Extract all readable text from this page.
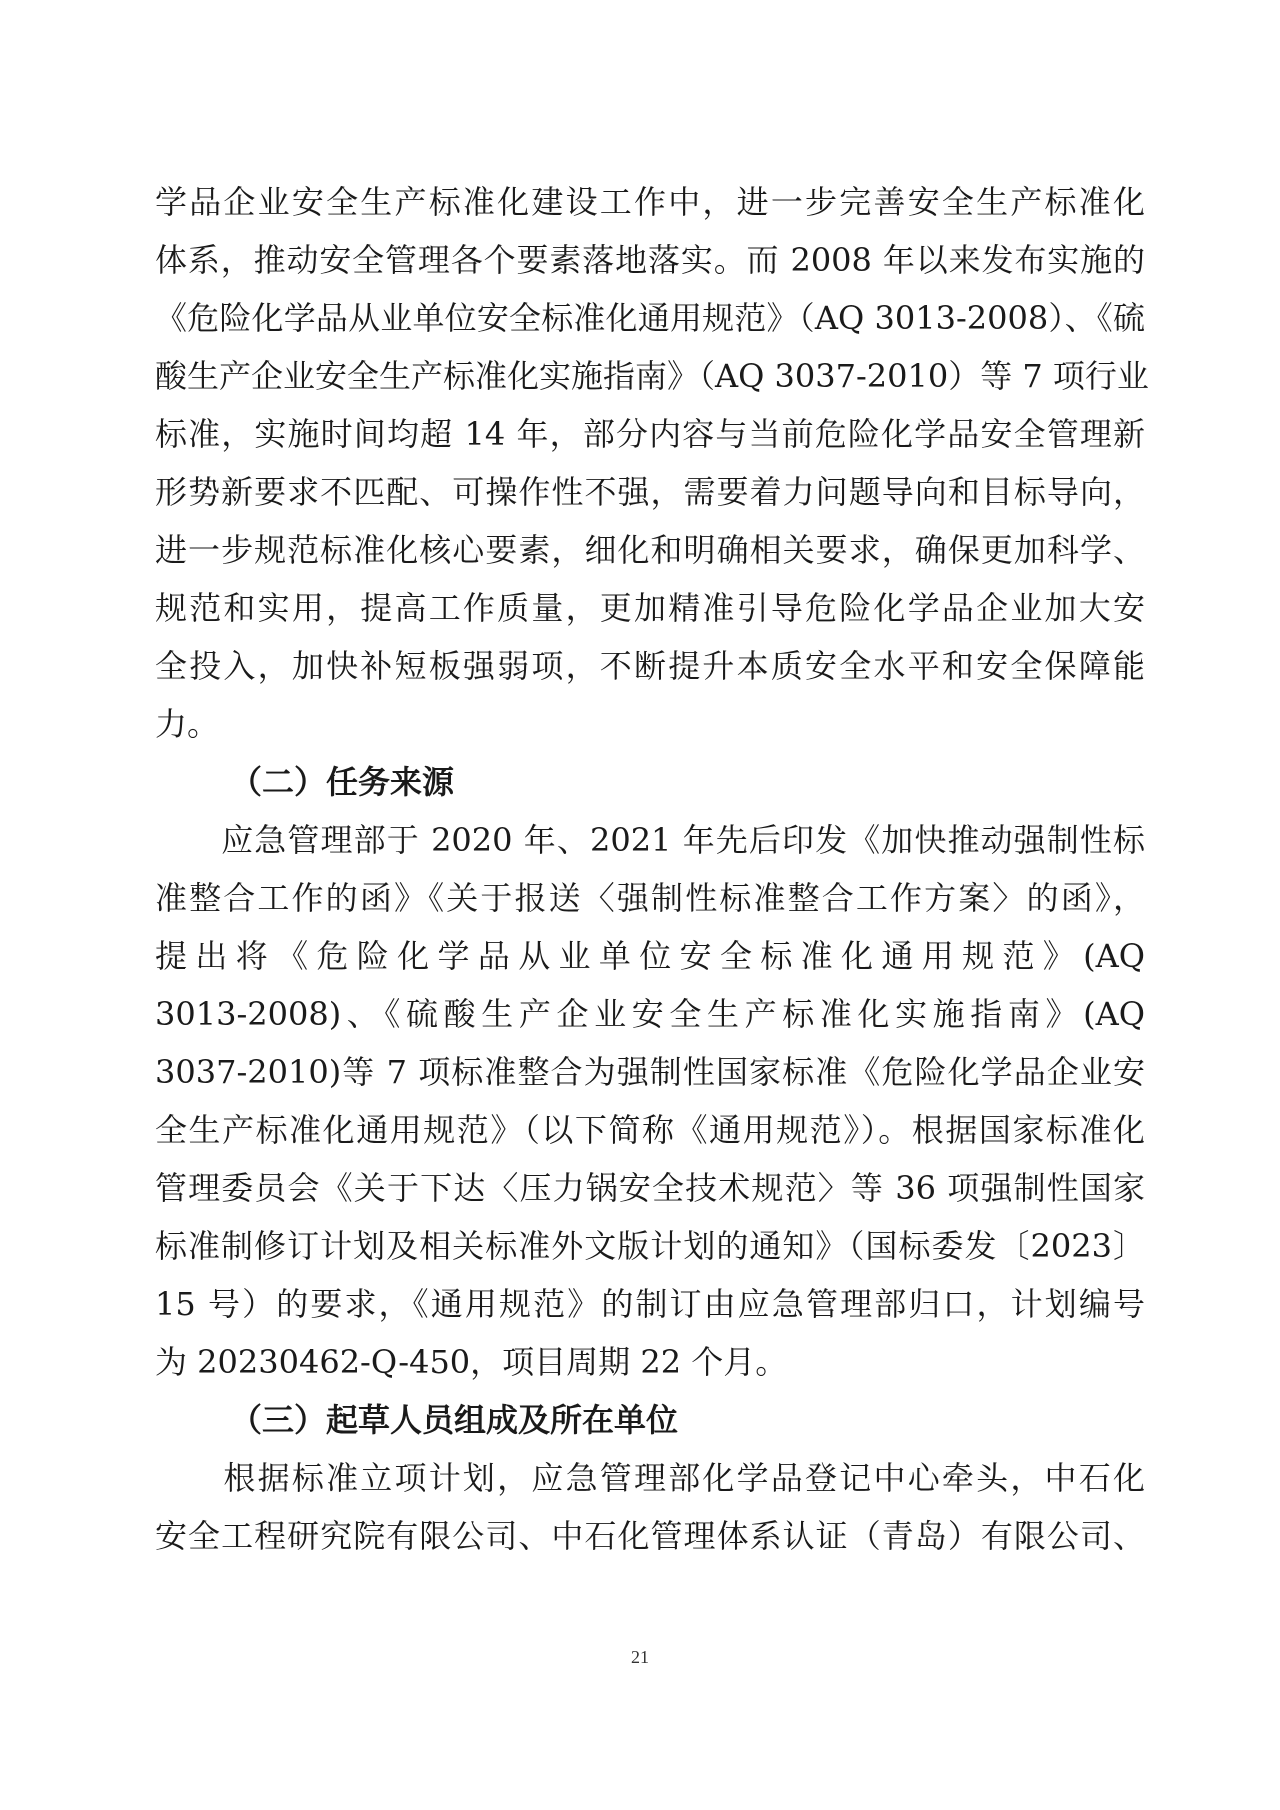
学品企业安全生产标准化建设工作中，进一步完善安全生产标准化
体系，推动安全管理各个要素落地落实。而 2008 年以来发布实施的
《危险化学品从业单位安全标准化通用规范》（AQ 3013-2008）、《硫
酸生产企业安全生产标准化实施指南》（AQ 3037-2010）等 7 项行业
标准，实施时间均超 14 年，部分内容与当前危险化学品安全管理新
形势新要求不匹配、可操作性不强，需要着力问题导向和目标导向，
进一步规范标准化核心要素，细化和明确相关要求，确保更加科学、
规范和实用，提高工作质量，更加精准引导危险化学品企业加大安
全投入，加快补短板强弱项，不断提升本质安全水平和安全保障能
力。
（二）任务来源
　　应急管理部于 2020 年、2021 年先后印发《加快推动强制性标
准整合工作的函》《关于报送〈强制性标准整合工作方案〉的函》，
提出将《危险化学品从业单位安全标准化通用规范》(AQ
3013-2008)、《硫酸生产企业安全生产标准化实施指南》(AQ
3037-2010)等 7 项标准整合为强制性国家标准《危险化学品企业安
全生产标准化通用规范》（以下简称《通用规范》）。根据国家标准化
管理委员会《关于下达〈压力锅安全技术规范〉等 36 项强制性国家
标准制修订计划及相关标准外文版计划的通知》（国标委发〔2023〕
15 号）的要求，《通用规范》的制订由应急管理部归口，计划编号
为 20230462-Q-450，项目周期 22 个月。
（三）起草人员组成及所在单位
　　根据标准立项计划，应急管理部化学品登记中心牵头，中石化
安全工程研究院有限公司、中石化管理体系认证（青岛）有限公司、
21
